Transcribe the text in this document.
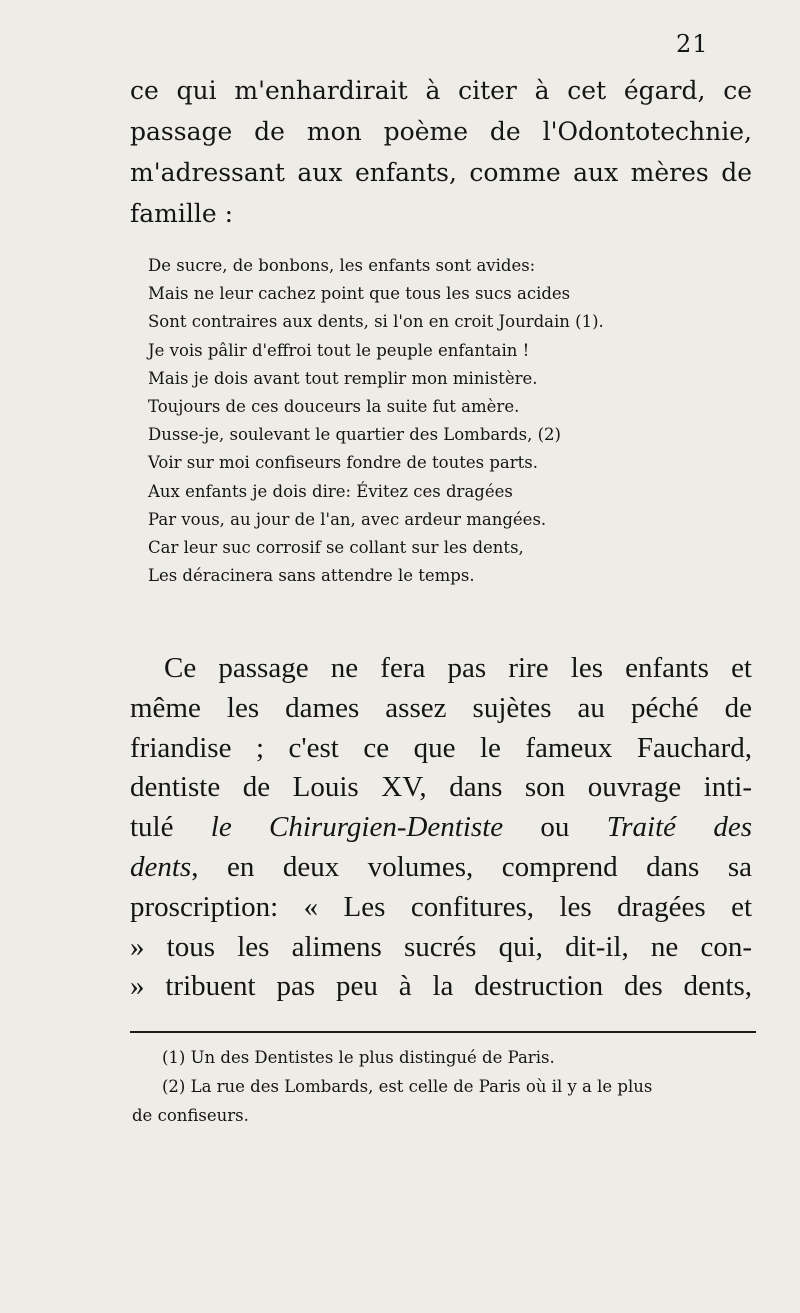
21
ce qui m'enhardirait à citer à cet égard, ce
passage de mon poème de l'Odontotechnie,
m'adressant aux enfants, comme aux mères de
famille :
De sucre, de bonbons, les enfants sont avides:
Mais ne leur cachez point que tous les sucs acides
Sont contraires aux dents, si l'on en croit Jourdain (1).
Je vois pâlir d'effroi tout le peuple enfantain !
Mais je dois avant tout remplir mon ministère.
Toujours de ces douceurs la suite fut amère.
Dusse-je, soulevant le quartier des Lombards, (2)
Voir sur moi confiseurs fondre de toutes parts.
Aux enfants je dois dire: Évitez ces dragées
Par vous, au jour de l'an, avec ardeur mangées.
Car leur suc corrosif se collant sur les dents,
Les déracinera sans attendre le temps.
Ce passage ne fera pas rire les enfants et
même les dames assez sujètes au péché de
friandise ; c'est ce que le fameux Fauchard,
dentiste de Louis XV, dans son ouvrage inti-
tulé le Chirurgien-Dentiste ou Traité des
dents, en deux volumes, comprend dans sa
proscription: « Les confitures, les dragées et
» tous les alimens sucrés qui, dit-il, ne con-
» tribuent pas peu à la destruction des dents,
(1) Un des Dentistes le plus distingué de Paris.
(2) La rue des Lombards, est celle de Paris où il y a le plus
de confiseurs.
